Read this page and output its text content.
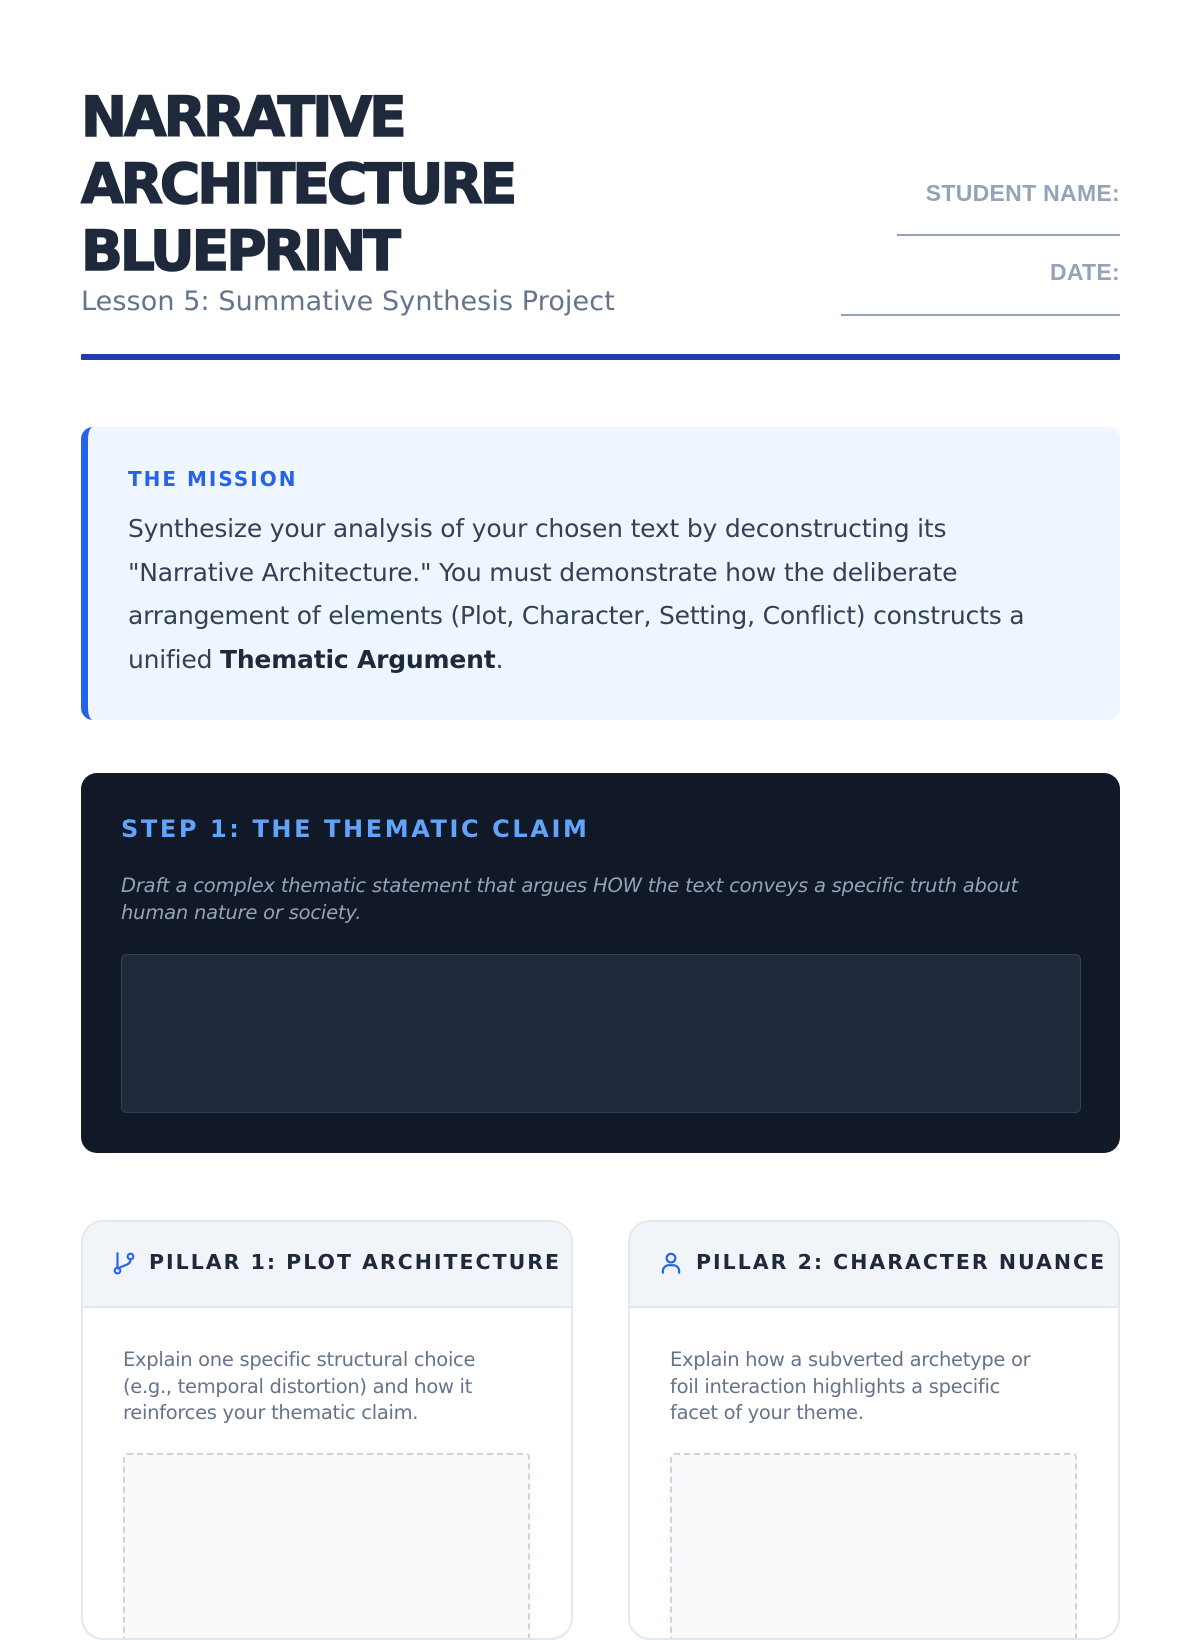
NARRATIVE
ARCHITECTURE
BLUEPRINT

Lesson 5: Summative Synthesis Project

STUDENT NAME:
DATE:
THE MISSION

Synthesize your analysis of your chosen text by deconstructing its "Narrative Architecture." You must demonstrate how the deliberate arrangement of elements (Plot, Character, Setting, Conflict) constructs a unified Thematic Argument.

STEP 1: THE THEMATIC CLAIM

Draft a complex thematic statement that argues HOW the text conveys a specific truth about human nature or society.

PILLAR 1: PLOT ARCHITECTURE

Explain one specific structural choice (e.g., temporal distortion) and how it reinforces your thematic claim.

PILLAR 2: CHARACTER NUANCE

Explain how a subverted archetype or foil interaction highlights a specific facet of your theme.
